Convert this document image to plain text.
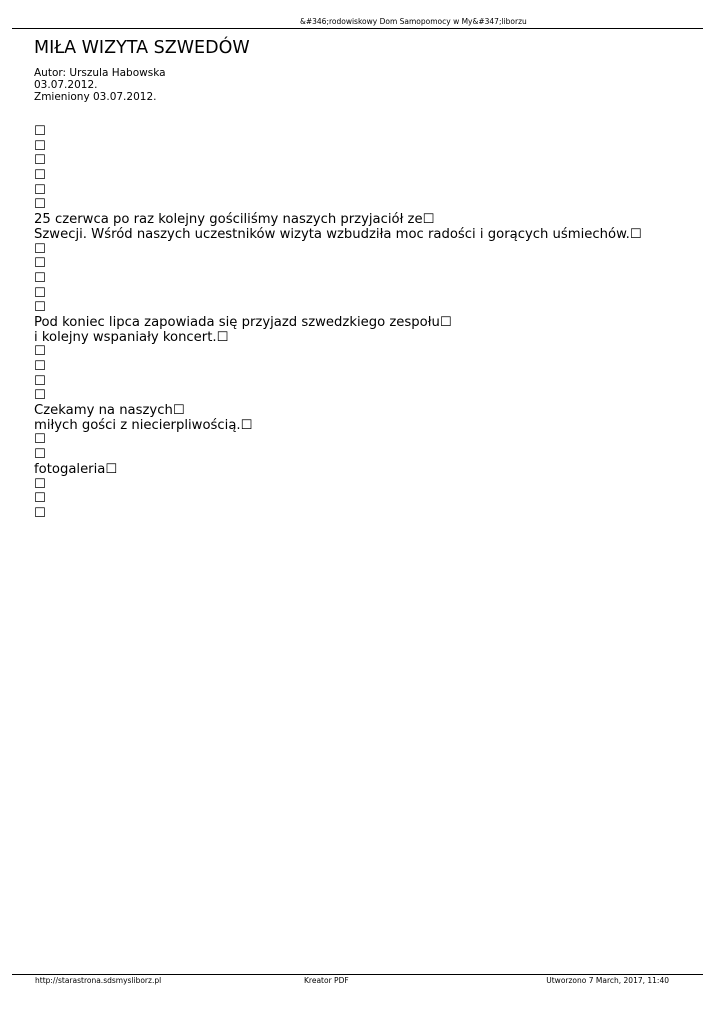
&#346;rodowiskowy Dom Samopomocy w My&#347;liborzu
MIŁA WIZYTA SZWEDÓW
Autor: Urszula Habowska
03.07.2012.
Zmieniony 03.07.2012.
☐
☐
☐
☐
☐
☐
25 czerwca po raz kolejny gościliśmy naszych przyjaciół ze☐
Szwecji. Wśród naszych uczestników wizyta wzbudziła moc radości i gorących uśmiechów.☐
☐
☐
☐
☐
☐
Pod koniec lipca zapowiada się przyjazd szwedzkiego zespołu☐
i kolejny wspaniały koncert.☐
☐
☐
☐
☐
Czekamy na naszych☐
miłych gości z niecierpliwością.☐
☐
☐
fotogaleria☐
☐
☐
☐
http://starastrona.sdsmysliborz.pl	Kreator PDF	Utworzono 7 March, 2017, 11:40
